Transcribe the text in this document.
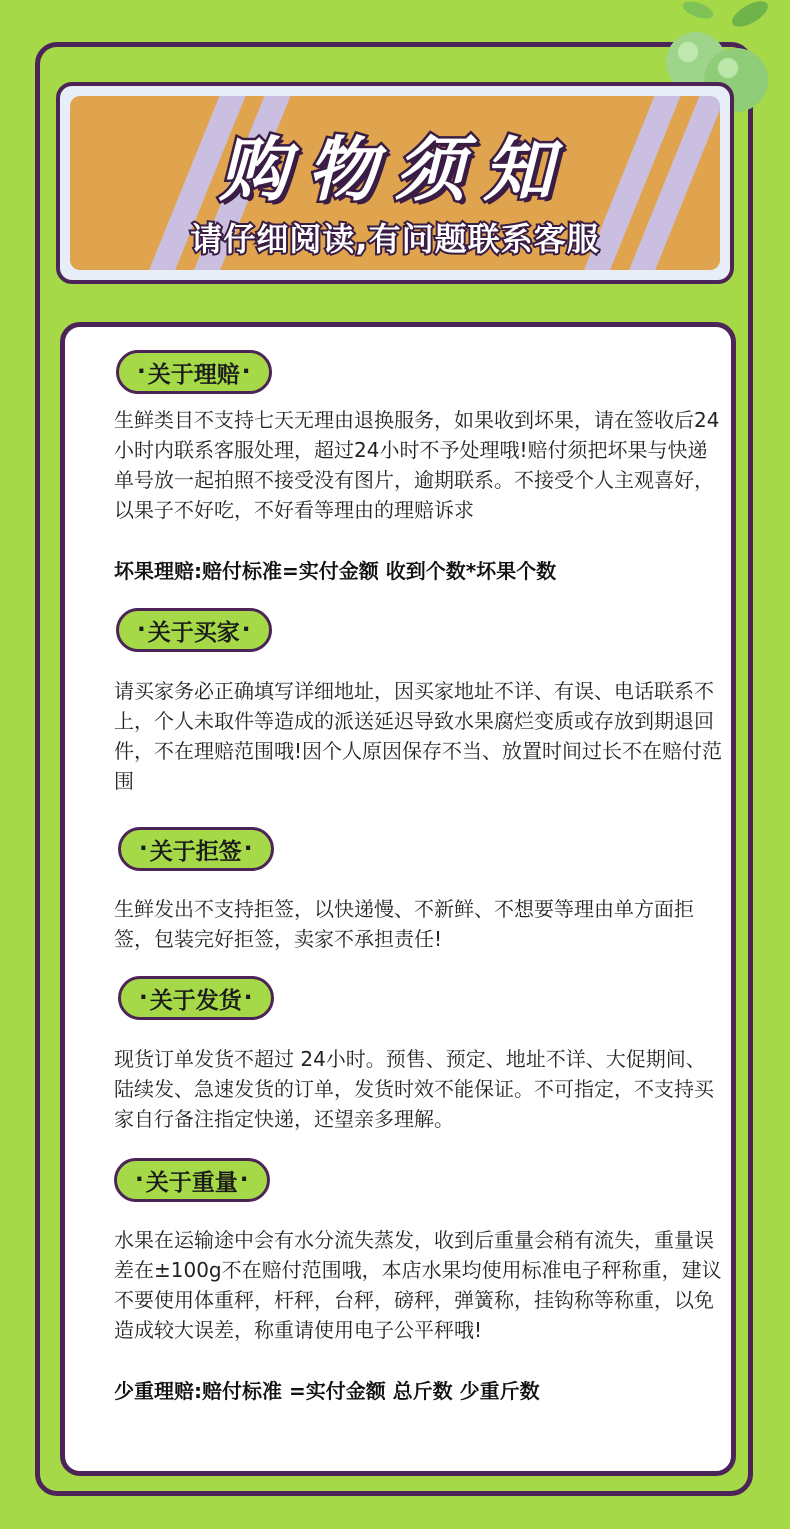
购物须知
请仔细阅读,有问题联系客服
· 关于理赔 ·

生鲜类目不支持七天无理由退换服务，如果收到坏果，请在签收后24小时内联系客服处理，超过24小时不予处理哦!赔付须把坏果与快递单号放一起拍照不接受没有图片，逾期联系。不接受个人主观喜好，以果子不好吃，不好看等理由的理赔诉求

坏果理赔:赔付标准=实付金额 收到个数*坏果个数
· 关于买家 ·

请买家务必正确填写详细地址，因买家地址不详、有误、电话联系不上，个人未取件等造成的派送延迟导致水果腐烂变质或存放到期退回件，不在理赔范围哦!因个人原因保存不当、放置时间过长不在赔付范围

· 关于拒签 ·

生鲜发出不支持拒签，以快递慢、不新鲜、不想要等理由单方面拒签，包装完好拒签，卖家不承担责任!

· 关于发货 ·

现货订单发货不超过 24小时。预售、预定、地址不详、大促期间、陆续发、急速发货的订单，发货时效不能保证。不可指定，不支持买家自行备注指定快递，还望亲多理解。

· 关于重量 ·

水果在运输途中会有水分流失蒸发，收到后重量会稍有流失，重量误差在±100g不在赔付范围哦，本店水果均使用标准电子秤称重，建议不要使用体重秤，杆秤，台秤，磅秤，弹簧称，挂钩称等称重，以免造成较大误差，称重请使用电子公平秤哦!

少重理赔:赔付标准 =实付金额 总斤数 少重斤数
